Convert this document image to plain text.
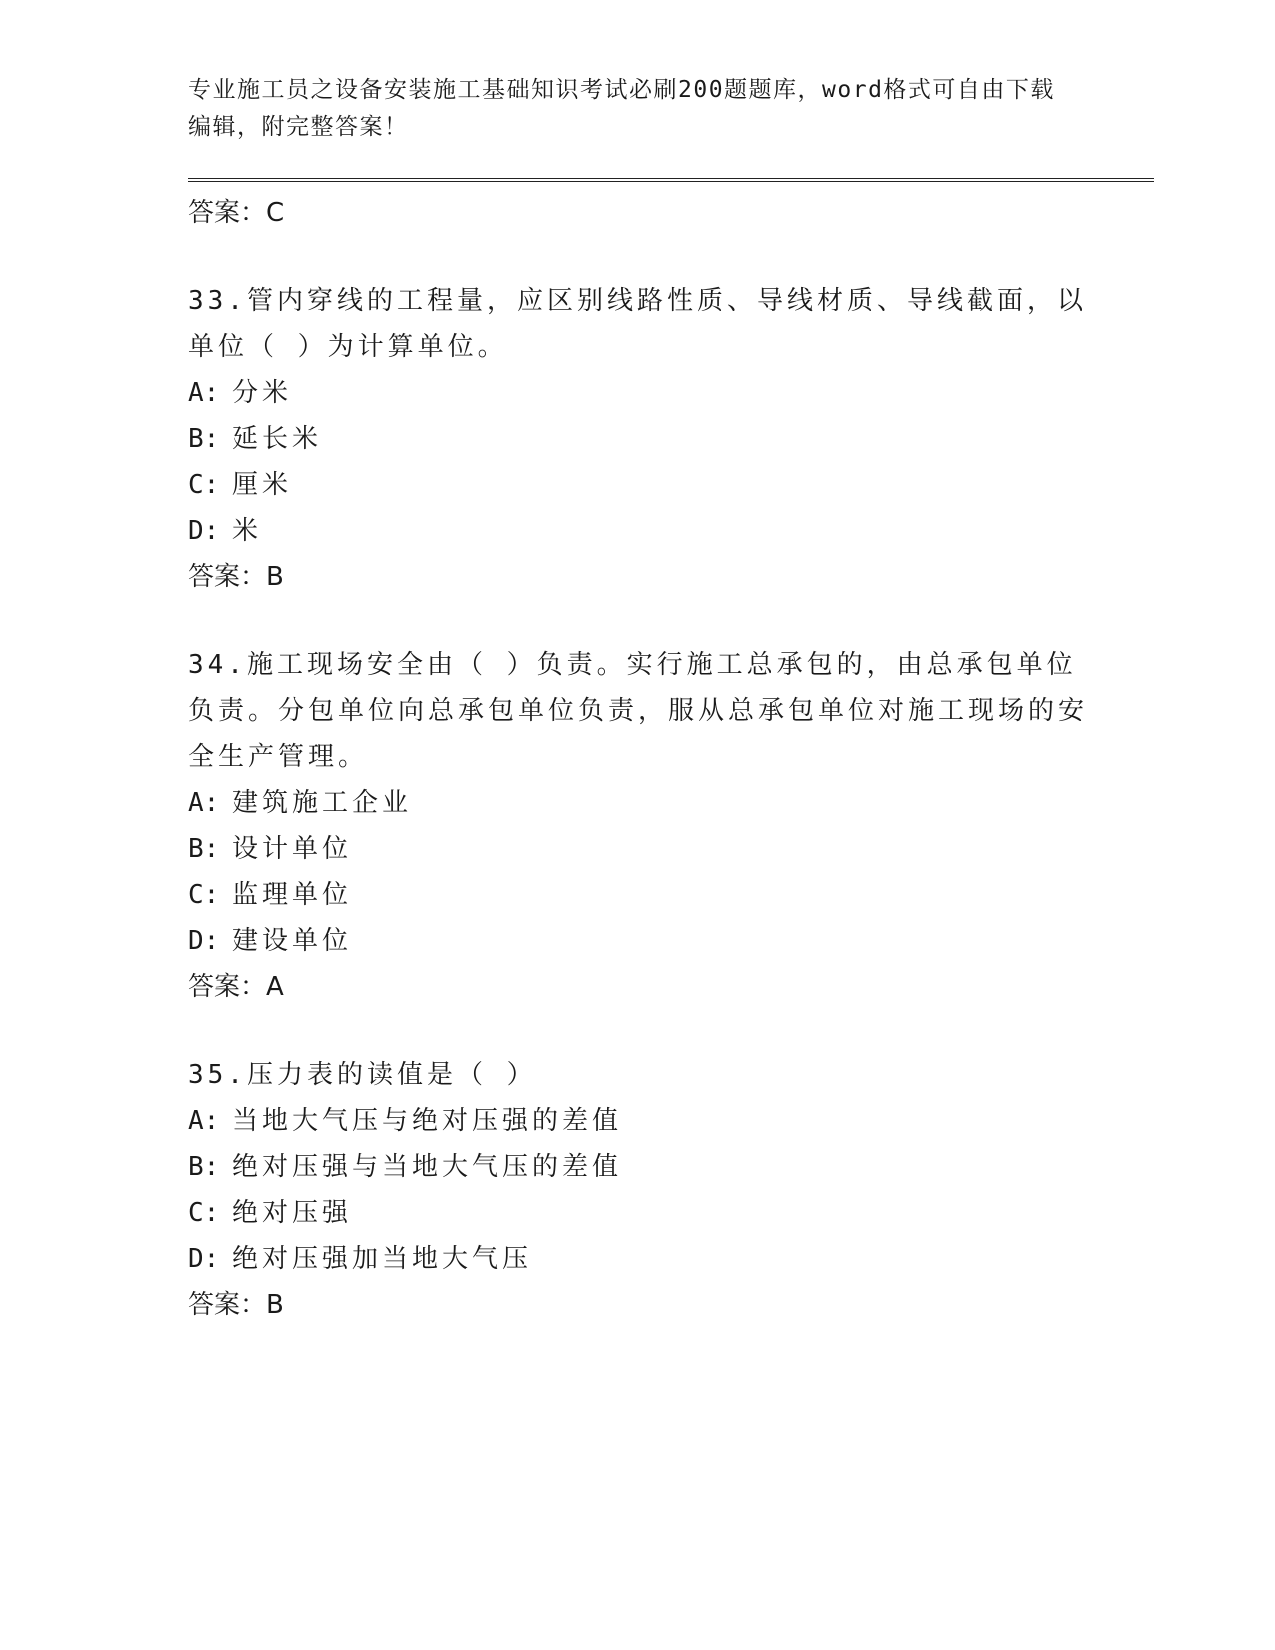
专业施工员之设备安装施工基础知识考试必刷200题题库，word格式可自由下载编辑，附完整答案！
答案：C
33.管内穿线的工程量，应区别线路性质、导线材质、导线截面，以单位（ ）为计算单位。
A: 分米
B: 延长米
C: 厘米
D: 米
答案：B
34.施工现场安全由（ ）负责。实行施工总承包的，由总承包单位负责。分包单位向总承包单位负责，服从总承包单位对施工现场的安全生产管理。
A: 建筑施工企业
B: 设计单位
C: 监理单位
D: 建设单位
答案：A
35.压力表的读值是（ ）
A: 当地大气压与绝对压强的差值
B: 绝对压强与当地大气压的差值
C: 绝对压强
D: 绝对压强加当地大气压
答案：B
